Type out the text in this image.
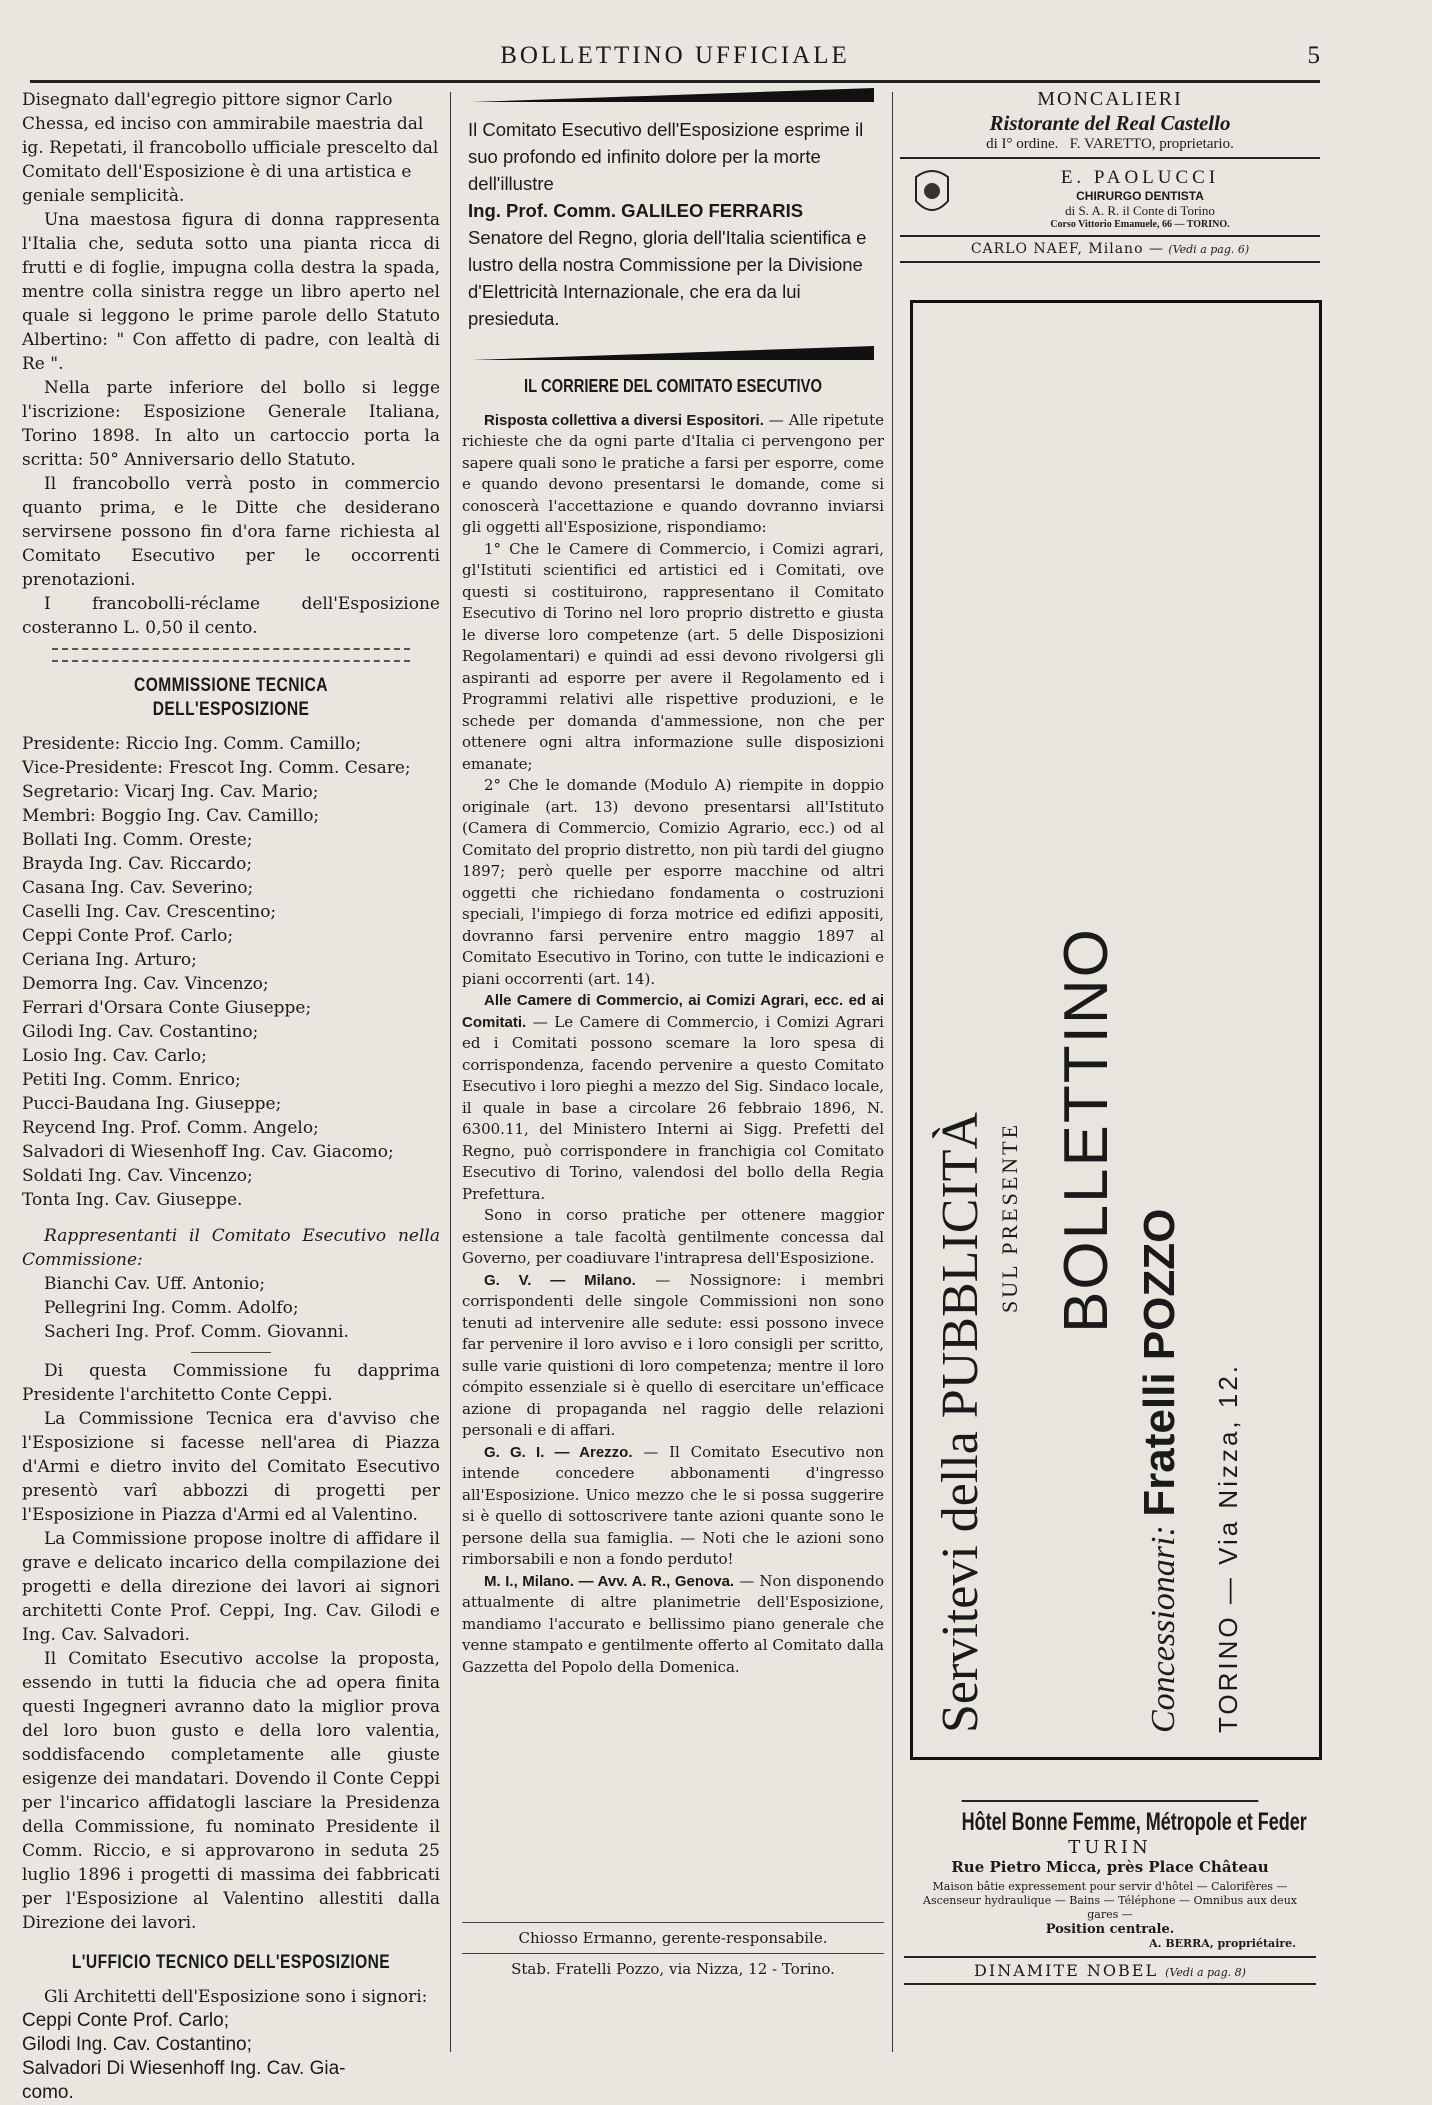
BOLLETTINO UFFICIALE	5
Disegnato dall'egregio pittore signor Carlo
Chessa, ed inciso con ammirabile maestria dal
ig. Repetati, il francobollo ufficiale prescelto dal
Comitato dell'Esposizione è di una artistica e
geniale semplicità.

Una maestosa figura di donna rappresenta l'Italia che, seduta sotto una pianta ricca di frutti e di foglie, impugna colla destra la spada, mentre colla sinistra regge un libro aperto nel quale si leggono le prime parole dello Statuto Albertino: " Con affetto di padre, con lealtà di Re ".

Nella parte inferiore del bollo si legge l'iscrizione: Esposizione Generale Italiana, Torino 1898. In alto un cartoccio porta la scritta: 50° Anniversario dello Statuto.

Il francobollo verrà posto in commercio quanto prima, e le Ditte che desiderano servirsene possono fin d'ora farne richiesta al Comitato Esecutivo per le occorrenti prenotazioni.

I francobolli-réclame dell'Esposizione costeranno L. 0,50 il cento.

COMMISSIONE TECNICA DELL'ESPOSIZIONE
Presidente: Riccio Ing. Comm. Camillo;
Vice-Presidente: Frescot Ing. Comm. Cesare;
Segretario: Vicarj Ing. Cav. Mario;
Membri: Boggio Ing. Cav. Camillo;
Bollati Ing. Comm. Oreste;
Brayda Ing. Cav. Riccardo;
Casana Ing. Cav. Severino;
Caselli Ing. Cav. Crescentino;
Ceppi Conte Prof. Carlo;
Ceriana Ing. Arturo;
Demorra Ing. Cav. Vincenzo;
Ferrari d'Orsara Conte Giuseppe;
Gilodi Ing. Cav. Costantino;
Losio Ing. Cav. Carlo;
Petiti Ing. Comm. Enrico;
Pucci-Baudana Ing. Giuseppe;
Reycend Ing. Prof. Comm. Angelo;
Salvadori di Wiesenhoff Ing. Cav. Giacomo;
Soldati Ing. Cav. Vincenzo;
Tonta Ing. Cav. Giuseppe.

Rappresentanti il Comitato Esecutivo nella Commissione:

Bianchi Cav. Uff. Antonio;
Pellegrini Ing. Comm. Adolfo;
Sacheri Ing. Prof. Comm. Giovanni.

Di questa Commissione fu dapprima Presidente l'architetto Conte Ceppi.

La Commissione Tecnica era d'avviso che l'Esposizione si facesse nell'area di Piazza d'Armi e dietro invito del Comitato Esecutivo presentò varî abbozzi di progetti per l'Esposizione in Piazza d'Armi ed al Valentino.

La Commissione propose inoltre di affidare il grave e delicato incarico della compilazione dei progetti e della direzione dei lavori ai signori architetti Conte Prof. Ceppi, Ing. Cav. Gilodi e Ing. Cav. Salvadori.

Il Comitato Esecutivo accolse la proposta, essendo in tutti la fiducia che ad opera finita questi Ingegneri avranno dato la miglior prova del loro buon gusto e della loro valentia, soddisfacendo completamente alle giuste esigenze dei mandatari. Dovendo il Conte Ceppi per l'incarico affidatogli lasciare la Presidenza della Commissione, fu nominato Presidente il Comm. Riccio, e si approvarono in seduta 25 luglio 1896 i progetti di massima dei fabbricati per l'Esposizione al Valentino allestiti dalla Direzione dei lavori.

L'UFFICIO TECNICO DELL'ESPOSIZIONE

Gli Architetti dell'Esposizione sono i signori:

Ceppi Conte Prof. Carlo;
Gilodi Ing. Cav. Costantino;
Salvadori Di Wiesenhoff Ing. Cav. Gia-
como.
Il Comitato Esecutivo dell'Esposizione esprime il suo profondo ed infinito dolore per la morte dell'illustre
Ing. Prof. Comm. GALILEO FERRARIS
Senatore del Regno, gloria dell'Italia scientifica e lustro della nostra Commissione per la Divisione d'Elettricità Internazionale, che era da lui presieduta.
IL CORRIERE DEL COMITATO ESECUTIVO

Risposta collettiva a diversi Espositori. — Alle ripetute richieste che da ogni parte d'Italia ci pervengono per sapere quali sono le pratiche a farsi per esporre, come e quando devono presentarsi le domande, come si conoscerà l'accettazione e quando dovranno inviarsi gli oggetti all'Esposizione, rispondiamo:

1° Che le Camere di Commercio, i Comizi agrari, gl'Istituti scientifici ed artistici ed i Comitati, ove questi si costituirono, rappresentano il Comitato Esecutivo di Torino nel loro proprio distretto e giusta le diverse loro competenze (art. 5 delle Disposizioni Regolamentari) e quindi ad essi devono rivolgersi gli aspiranti ad esporre per avere il Regolamento ed i Programmi relativi alle rispettive produzioni, e le schede per domanda d'ammessione, non che per ottenere ogni altra informazione sulle disposizioni emanate;

2° Che le domande (Modulo A) riempite in doppio originale (art. 13) devono presentarsi all'Istituto (Camera di Commercio, Comizio Agrario, ecc.) od al Comitato del proprio distretto, non più tardi del giugno 1897; però quelle per esporre macchine od altri oggetti che richiedano fondamenta o costruzioni speciali, l'impiego di forza motrice ed edifizi appositi, dovranno farsi pervenire entro maggio 1897 al Comitato Esecutivo in Torino, con tutte le indicazioni e piani occorrenti (art. 14).

Alle Camere di Commercio, ai Comizi Agrari, ecc. ed ai Comitati. — Le Camere di Commercio, i Comizi Agrari ed i Comitati possono scemare la loro spesa di corrispondenza, facendo pervenire a questo Comitato Esecutivo i loro pieghi a mezzo del Sig. Sindaco locale, il quale in base a circolare 26 febbraio 1896, N. 6300.11, del Ministero Interni ai Sigg. Prefetti del Regno, può corrispondere in franchigia col Comitato Esecutivo di Torino, valendosi del bollo della Regia Prefettura.

Sono in corso pratiche per ottenere maggior estensione a tale facoltà gentilmente concessa dal Governo, per coadiuvare l'intrapresa dell'Esposizione.

G. V. — Milano. — Nossignore: i membri corrispondenti delle singole Commissioni non sono tenuti ad intervenire alle sedute: essi possono invece far pervenire il loro avviso e i loro consigli per scritto, sulle varie quistioni di loro competenza; mentre il loro cómpito essenziale si è quello di esercitare un'efficace azione di propaganda nel raggio delle relazioni personali e di affari.

G. G. I. — Arezzo. — Il Comitato Esecutivo non intende concedere abbonamenti d'ingresso all'Esposizione. Unico mezzo che le si possa suggerire si è quello di sottoscrivere tante azioni quante sono le persone della sua famiglia. — Noti che le azioni sono rimborsabili e non a fondo perduto!

M. I., Milano. — Avv. A. R., Genova. — Non disponendo attualmente di altre planimetrie dell'Esposizione, mandiamo l'accurato e bellissimo piano generale che venne stampato e gentilmente offerto al Comitato dalla Gazzetta del Popolo della Domenica.

Chiosso Ermanno, gerente-responsabile.
Stab. Fratelli Pozzo, via Nizza, 12 - Torino.
MONCALIERI
Ristorante del Real Castello
di I° ordine. F. VARETTO, proprietario.
E. PAOLUCCI
CHIRURGO DENTISTA
di S. A. R. il Conte di Torino
Corso Vittorio Emanuele, 66 — TORINO.
CARLO NAEF, Milano — (Vedi a pag. 6)
Servitevi della PUBBLICITÀ SUL PRESENTE BOLLETTINO
Concessionari: Fratelli POZZO
TORINO — Via Nizza, 12.
Hôtel Bonne Femme, Métropole et Feder
TURIN
Rue Pietro Micca, près Place Château
Maison bâtie expressement pour servir d'hôtel — Calorifères — Ascenseur hydraulique — Bains — Téléphone — Omnibus aux deux gares —
Position centrale.
A. BERRA, propriétaire.
DINAMITE NOBEL (Vedi a pag. 8)
